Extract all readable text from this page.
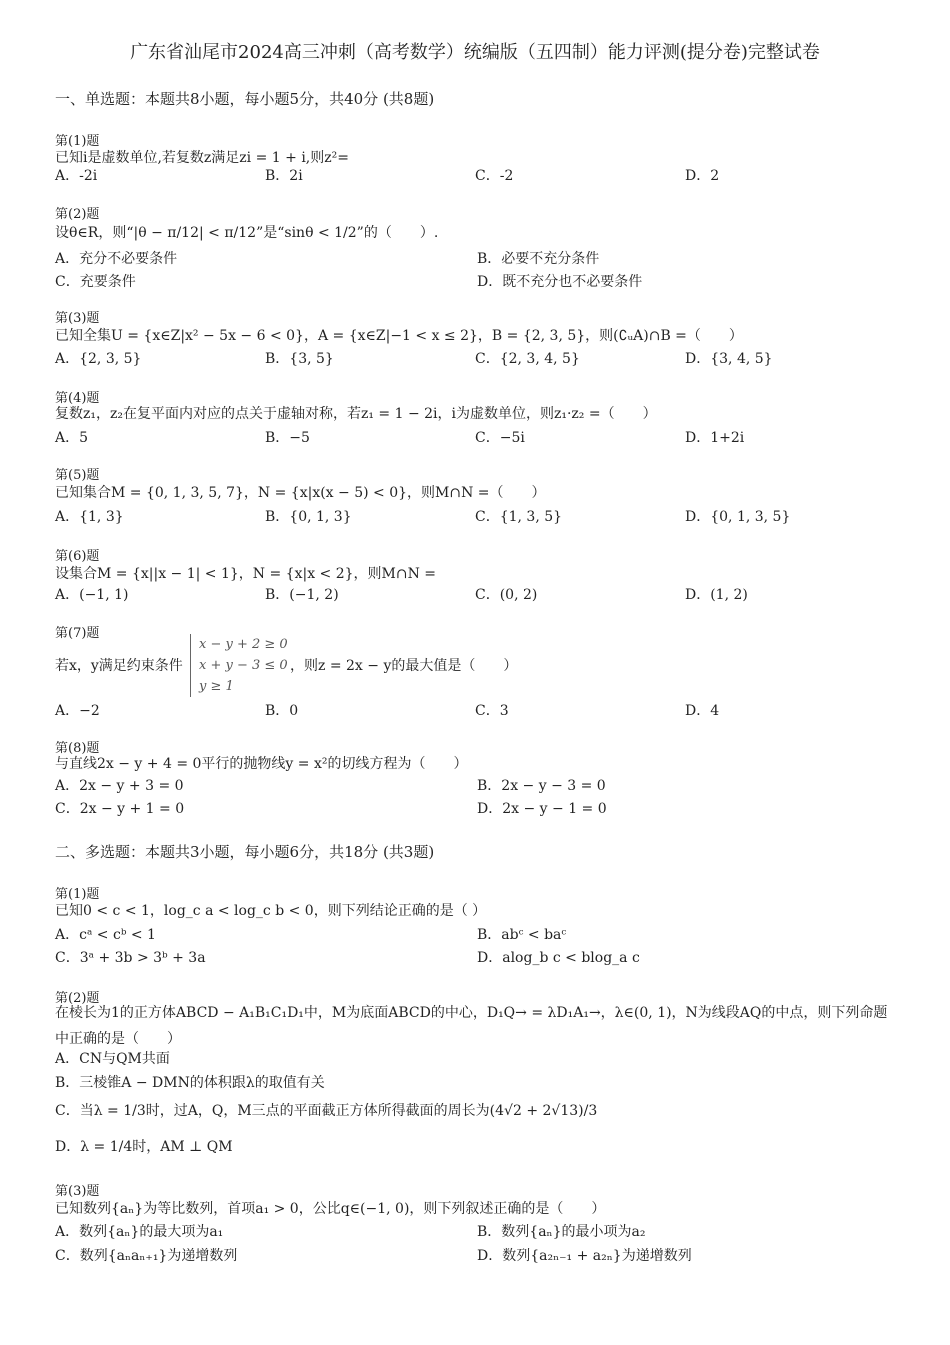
广东省汕尾市2024高三冲刺（高考数学）统编版（五四制）能力评测(提分卷)完整试卷
一、单选题：本题共8小题，每小题5分，共40分 (共8题)
第(1)题
已知i是虚数单位,若复数z满足zi = 1 + i,则z²=
A．-2i	B．2i	C．-2	D．2
第(2)题
设θ∈R，则“|θ − π/12| < π/12”是“sinθ < 1/2”的（　　）.
A．充分不必要条件	B．必要不充分条件
C．充要条件	D．既不充分也不必要条件
第(3)题
已知全集U = {x∈Z|x² − 5x − 6 < 0}，A = {x∈Z|−1 < x ≤ 2}，B = {2, 3, 5}，则(∁ᵤA)∩B =（　　）
A．{2, 3, 5}	B．{3, 5}	C．{2, 3, 4, 5}	D．{3, 4, 5}
第(4)题
复数z₁，z₂在复平面内对应的点关于虚轴对称，若z₁ = 1 − 2i，i为虚数单位，则z₁·z₂ =（　　）
A．5	B．−5	C．−5i	D．1+2i
第(5)题
已知集合M = {0, 1, 3, 5, 7}，N = {x|x(x − 5) < 0}，则M∩N =（　　）
A．{1, 3}	B．{0, 1, 3}	C．{1, 3, 5}	D．{0, 1, 3, 5}
第(6)题
设集合M = {x||x − 1| < 1}，N = {x|x < 2}，则M∩N =
A．(−1, 1)	B．(−1, 2)	C．(0, 2)	D．(1, 2)
第(7)题
若x，y满足约束条件
x − y + 2 ≥ 0
x + y − 3 ≤ 0
y ≥ 1
，则z = 2x − y的最大值是（　　）
A．−2	B．0	C．3	D．4
第(8)题
与直线2x − y + 4 = 0平行的抛物线y = x²的切线方程为（　　）
A．2x − y + 3 = 0	B．2x − y − 3 = 0
C．2x − y + 1 = 0	D．2x − y − 1 = 0
二、多选题：本题共3小题，每小题6分，共18分 (共3题)
第(1)题
已知0 < c < 1，log_c a < log_c b < 0，则下列结论正确的是（ ）
A．cᵃ < cᵇ < 1	B．abᶜ < baᶜ
C．3ᵃ + 3b > 3ᵇ + 3a	D．alog_b c < blog_a c
第(2)题
在棱长为1的正方体ABCD − A₁B₁C₁D₁中，M为底面ABCD的中心，D₁Q→ = λD₁A₁→，λ∈(0, 1)，N为线段AQ的中点，则下列命题中正确的是（　　）
A．CN与QM共面
B．三棱锥A − DMN的体积跟λ的取值有关
C．当λ = 1/3时，过A，Q，M三点的平面截正方体所得截面的周长为(4√2 + 2√13)/3
D．λ = 1/4时，AM ⊥ QM
第(3)题
已知数列{aₙ}为等比数列，首项a₁ > 0，公比q∈(−1, 0)，则下列叙述正确的是（　　）
A．数列{aₙ}的最大项为a₁	B．数列{aₙ}的最小项为a₂
C．数列{aₙaₙ₊₁}为递增数列	D．数列{a₂ₙ₋₁ + a₂ₙ}为递增数列
